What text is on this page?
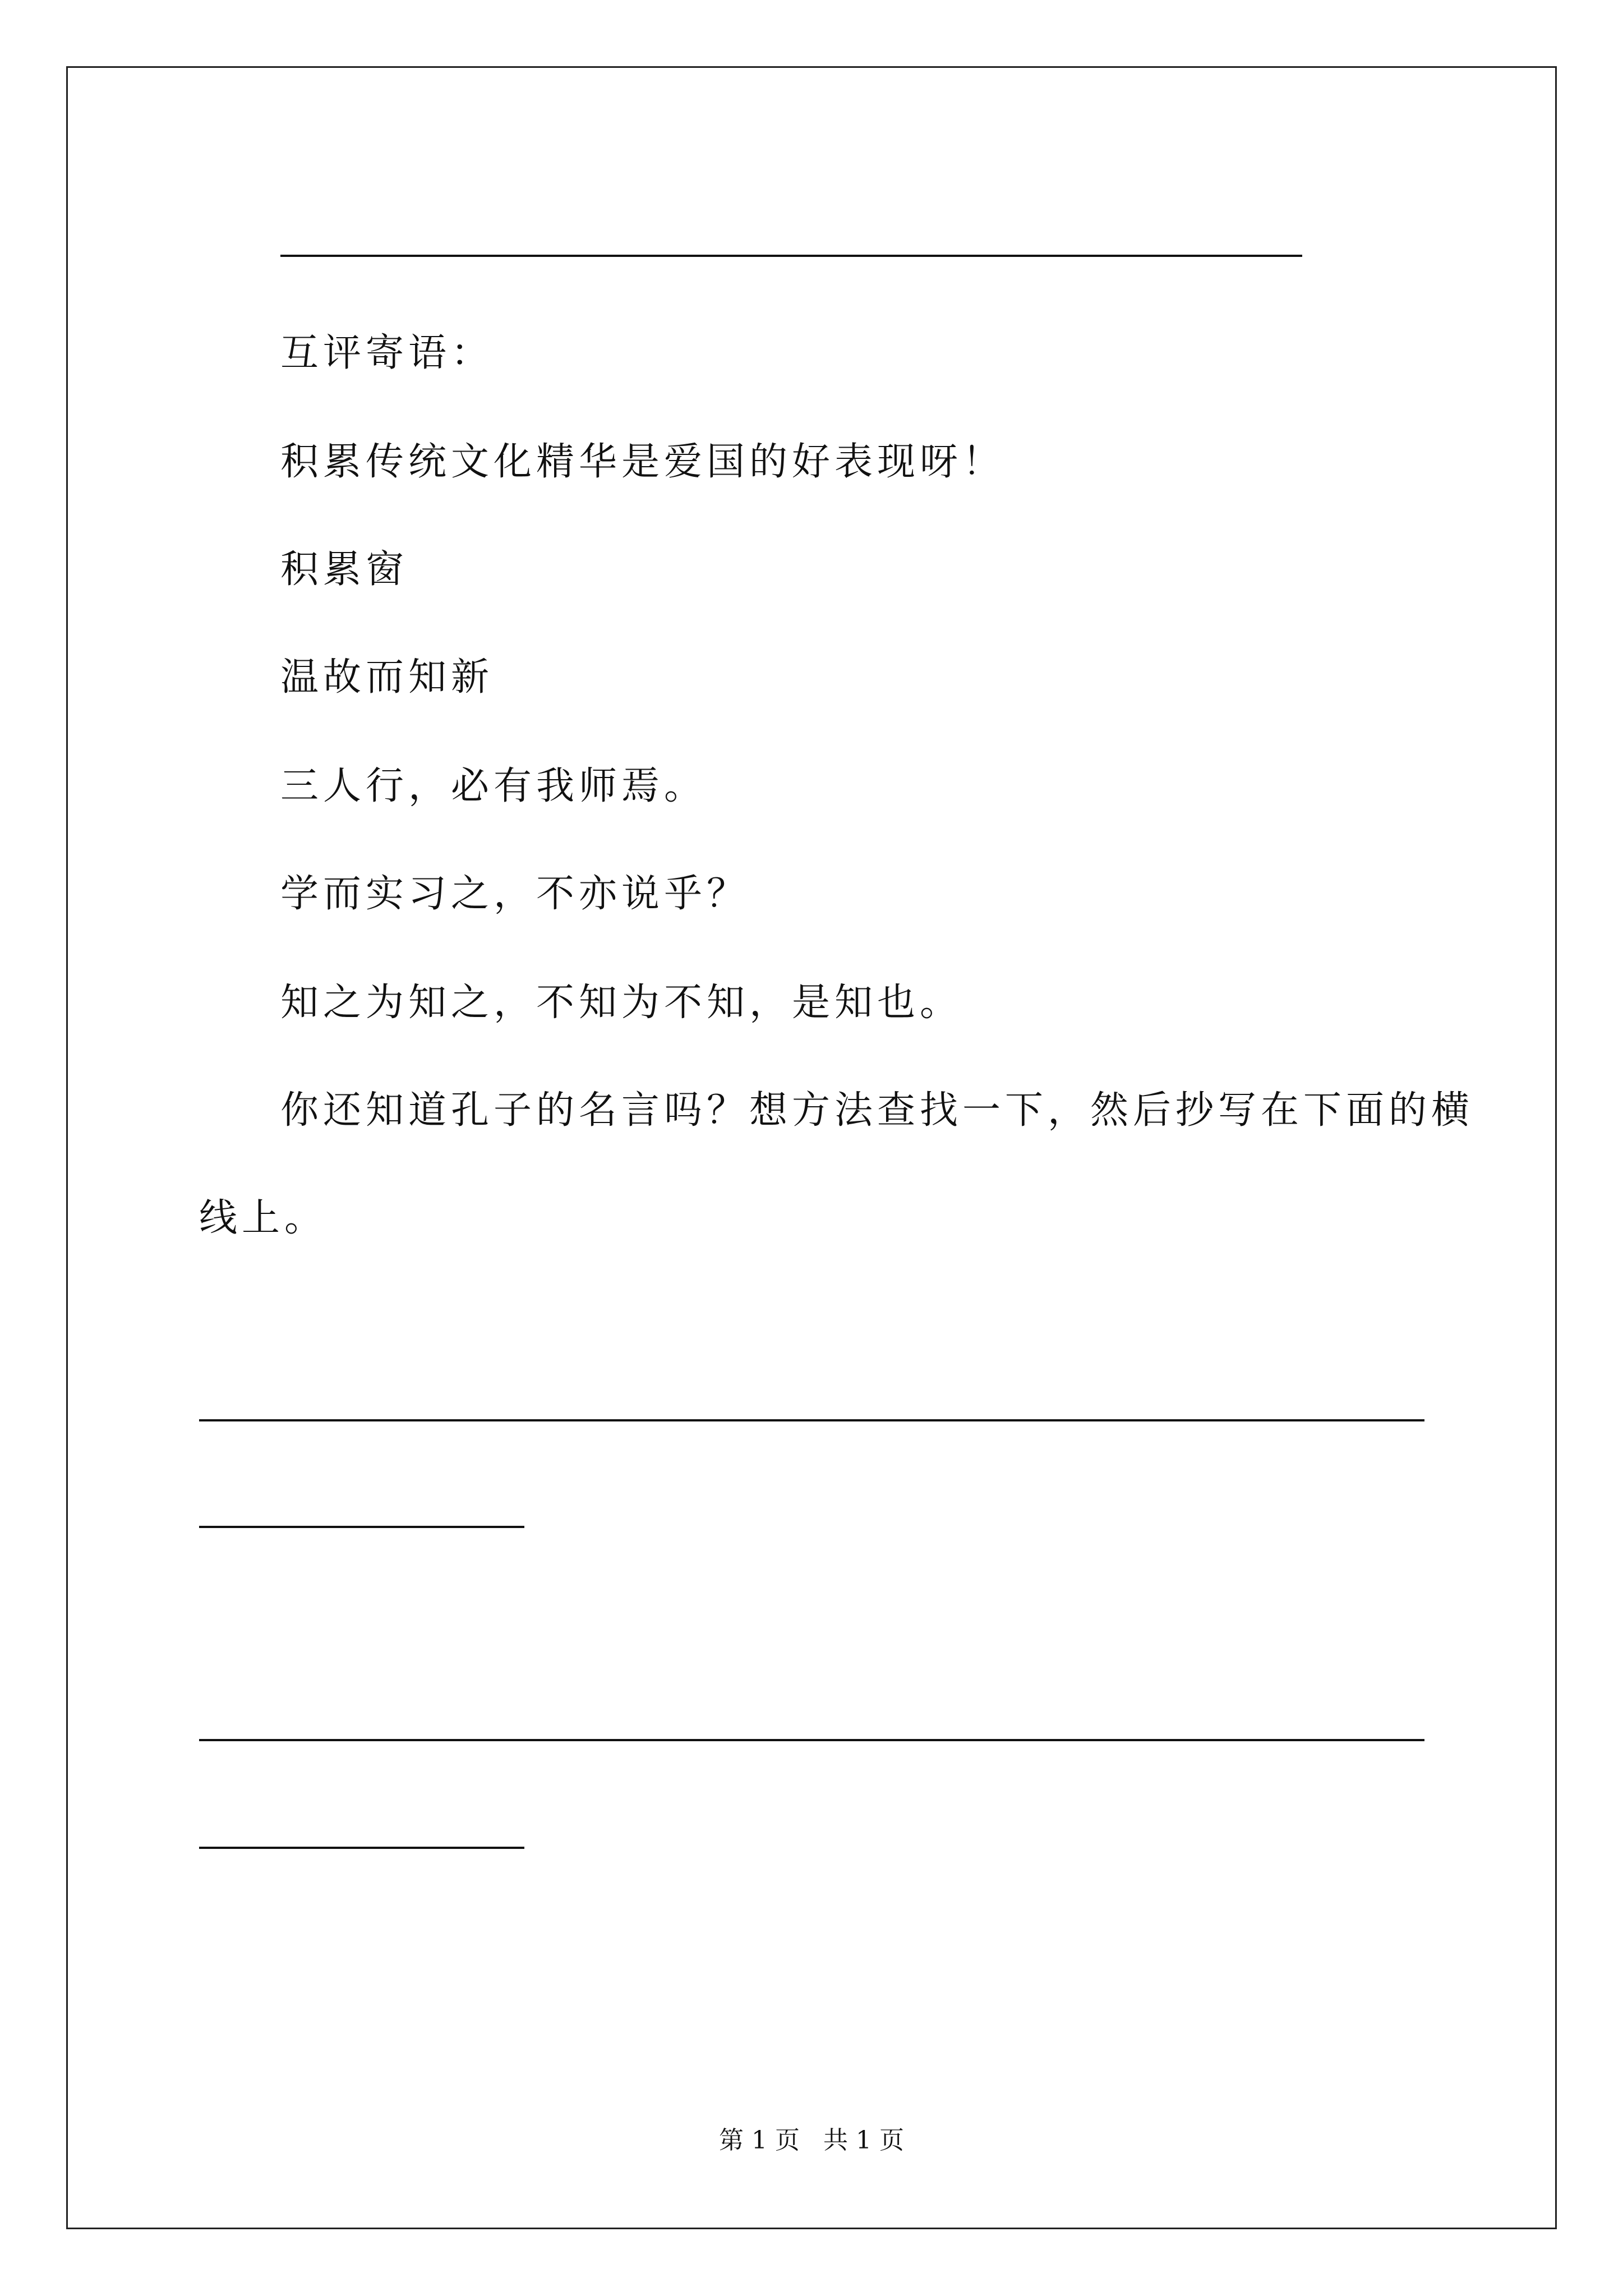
互评寄语：
积累传统文化精华是爱国的好表现呀！
积累窗
温故而知新
三人行，必有我师焉。
学而实习之，不亦说乎？
知之为知之，不知为不知，是知也。
你还知道孔子的名言吗？想方法查找一下，然后抄写在下面的横
线上。
第 1 页 共 1 页
